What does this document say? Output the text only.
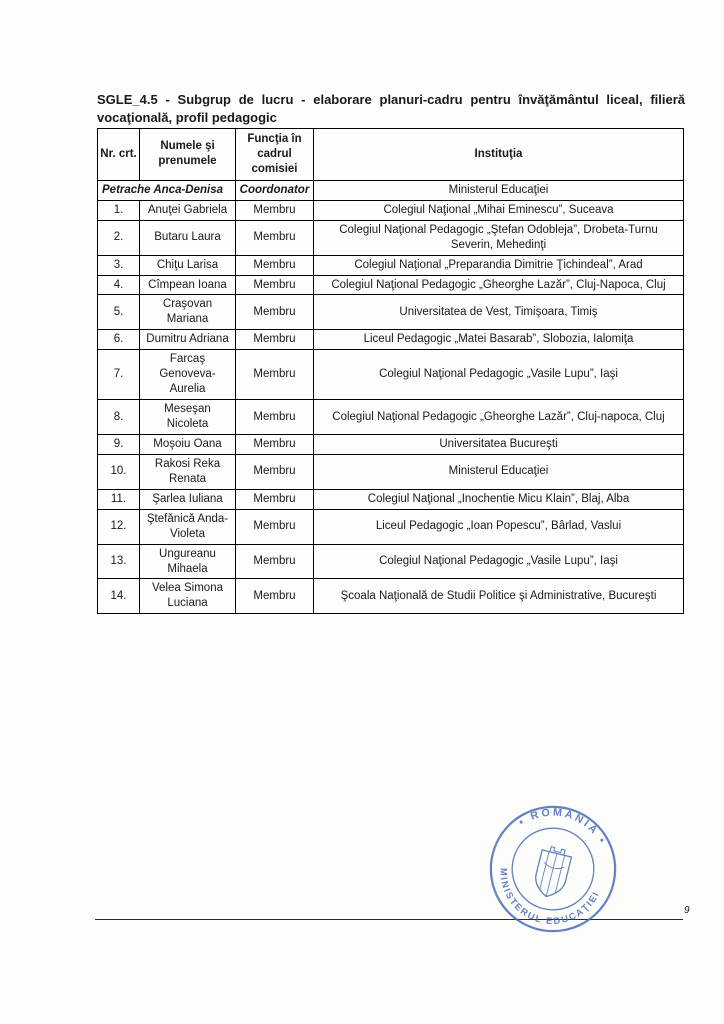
SGLE_4.5 - Subgrup de lucru - elaborare planuri-cadru pentru învăţământul liceal, filieră vocaţională, profil pedagogic
Nr. crt.	Numele şi prenumele	Funcţia în cadrul comisiei	Instituţia
Petrache Anca-Denisa		Coordonator	Ministerul Educaţiei
1.	Anuţei Gabriela	Membru	Colegiul Naţional „Mihai Eminescu”, Suceava
2.	Butaru Laura	Membru	Colegiul Naţional Pedagogic „Ştefan Odobleja”, Drobeta-Turnu Severin, Mehedinţi
3.	Chiţu Larisa	Membru	Colegiul Naţional „Preparandia Dimitrie Ţichindeal”, Arad
4.	Cîmpean Ioana	Membru	Colegiul Naţional Pedagogic „Gheorghe Lazăr”, Cluj-Napoca, Cluj
5.	Craşovan Mariana	Membru	Universitatea de Vest, Timişoara, Timiş
6.	Dumitru Adriana	Membru	Liceul Pedagogic „Matei Basarab”, Slobozia, Ialomiţa
7.	Farcaş Genoveva-Aurelia	Membru	Colegiul Naţional Pedagogic „Vasile Lupu”, Iaşi
8.	Meseşan Nicoleta	Membru	Colegiul Naţional Pedagogic „Gheorghe Lazăr”, Cluj-napoca, Cluj
9.	Moşoiu Oana	Membru	Universitatea Bucureşti
10.	Rakosi Reka Renata	Membru	Ministerul Educaţiei
11.	Şarlea Iuliana	Membru	Colegiul Naţional „Inochentie Micu Klain”, Blaj, Alba
12.	Ştefănică Anda-Violeta	Membru	Liceul Pedagogic „Ioan Popescu”, Bârlad, Vaslui
13.	Ungureanu Mihaela	Membru	Colegiul Naţional Pedagogic „Vasile Lupu”, Iaşi
14.	Velea Simona Luciana	Membru	Şcoala Naţională de Studii Politice şi Administrative, Bucureşti
9
• ROMÂNIA •
MINISTERUL EDUCAŢIEI
